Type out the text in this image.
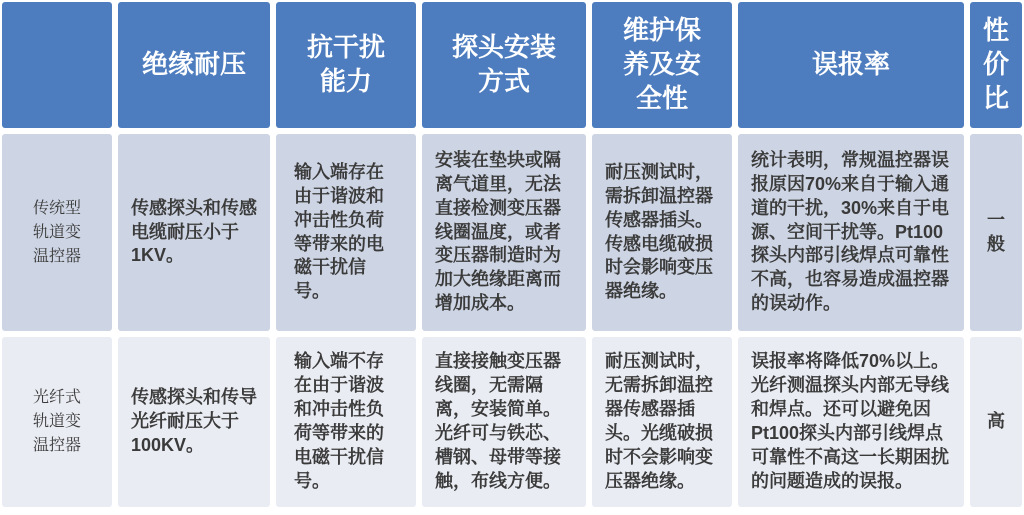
绝缘耐压
抗干扰能力
探头安装方式
维护保养及安全性
误报率
性价比
传统型轨道变温控器
传感探头和传感电缆耐压小于1KV。
输入端存在由于谐波和冲击性负荷等带来的电磁干扰信号。
安装在垫块或隔离气道里，无法直接检测变压器线圈温度，或者变压器制造时为加大绝缘距离而增加成本。
耐压测试时，需拆卸温控器传感器插头。传感电缆破损时会影响变压器绝缘。
统计表明，常规温控器误报原因70%来自于输入通道的干扰，30%来自于电源、空间干扰等。Pt100探头内部引线焊点可靠性不高，也容易造成温控器的误动作。
一般
光纤式轨道变温控器
传感探头和传导光纤耐压大于100KV。
输入端不存在由于谐波和冲击性负荷等带来的电磁干扰信号。
直接接触变压器线圈，无需隔离，安装简单。光纤可与铁芯、槽钢、母带等接触，布线方便。
耐压测试时，无需拆卸温控器传感器插头。光缆破损时不会影响变压器绝缘。
误报率将降低70%以上。光纤测温探头内部无导线和焊点。还可以避免因Pt100探头内部引线焊点可靠性不高这一长期困扰的问题造成的误报。
高
